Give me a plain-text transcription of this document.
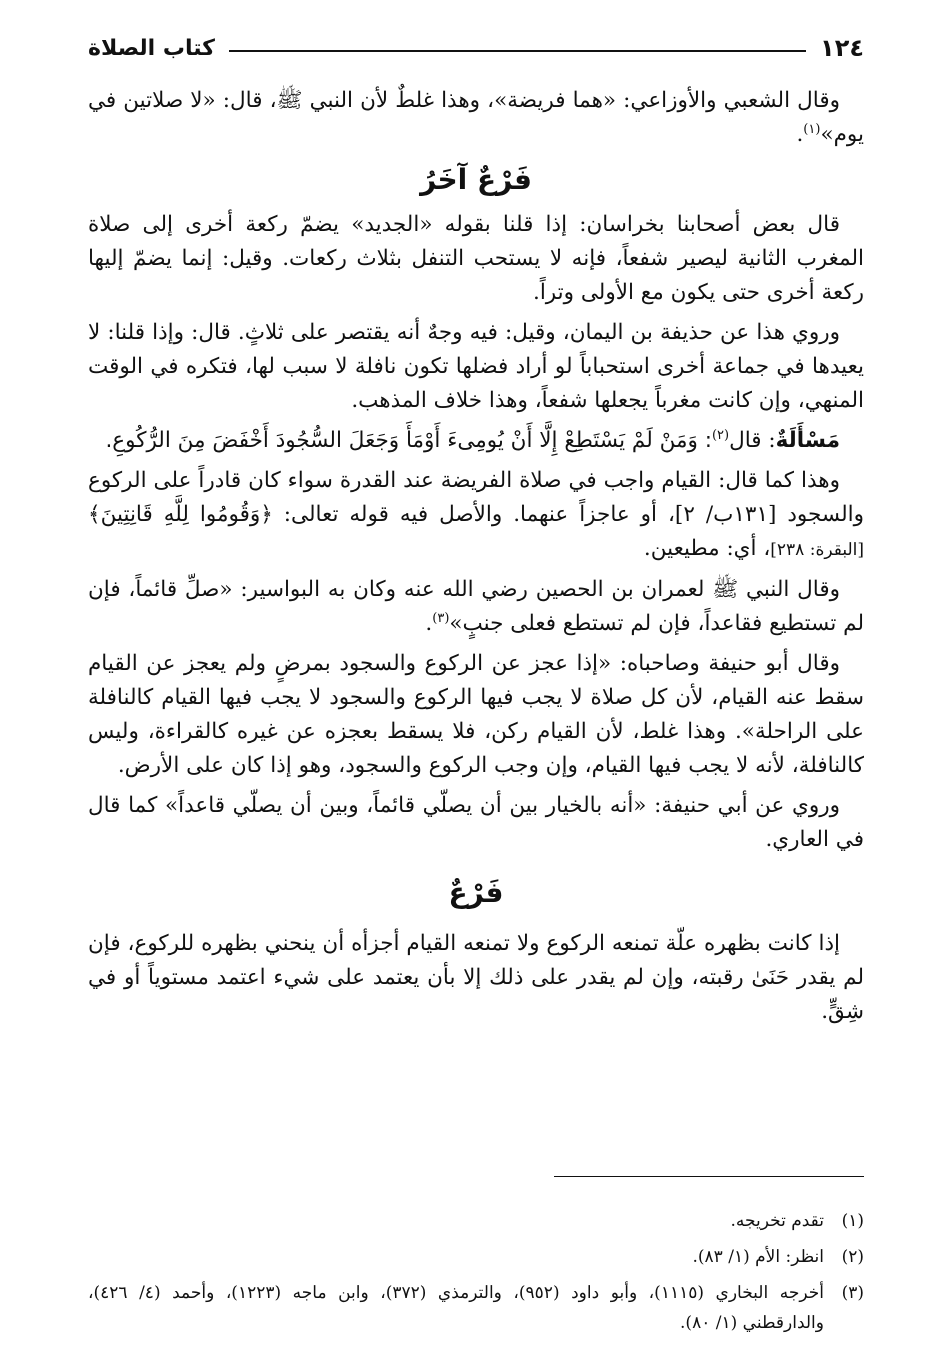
١٢٤
كتاب الصلاة

وقال الشعبي والأوزاعي: «هما فريضة»، وهذا غلطٌ لأن النبي ﷺ، قال: «لا صلاتين في يوم»$^{(١)}$.

فَرْعٌ آخَرُ

قال بعض أصحابنا بخراسان: إذا قلنا بقوله «الجديد» يضمّ ركعة أخرى إلى صلاة المغرب الثانية ليصير شفعاً، فإنه لا يستحب التنفل بثلاث ركعات. وقيل: إنما يضمّ إليها ركعة أخرى حتى يكون مع الأولى وتراً.

وروي هذا عن حذيفة بن اليمان، وقيل: فيه وجهٌ أنه يقتصر على ثلاثٍ. قال: وإذا قلنا: لا يعيدها في جماعة أخرى استحباباً لو أراد فضلها تكون نافلة لا سبب لها، فتكره في الوقت المنهي، وإن كانت مغرباً يجعلها شفعاً، وهذا خلاف المذهب.

مَسْأَلَةٌ: قال$^{(٢)}$: وَمَنْ لَمْ يَسْتَطِعْ إِلَّا أَنْ يُومِىءَ أَوْمَأَ وَجَعَلَ السُّجُودَ أَخْفَضَ مِنَ الرُّكُوعِ.

وهذا كما قال: القيام واجب في صلاة الفريضة عند القدرة سواء كان قادراً على الركوع والسجود [١٣١ب/ ٢]، أو عاجزاً عنهما. والأصل فيه قوله تعالى: ﴿وَقُومُوا لِلَّهِ قَانِتِينَ﴾ [البقرة: ٢٣٨]، أي: مطيعين.

وقال النبي ﷺ لعمران بن الحصين رضي الله عنه وكان به البواسير: «صلِّ قائماً، فإن لم تستطيع فقاعداً، فإن لم تستطع فعلى جنبٍ»$^{(٣)}$.

وقال أبو حنيفة وصاحباه: «إذا عجز عن الركوع والسجود بمرضٍ ولم يعجز عن القيام سقط عنه القيام، لأن كل صلاة لا يجب فيها الركوع والسجود لا يجب فيها القيام كالنافلة على الراحلة». وهذا غلط، لأن القيام ركن، فلا يسقط بعجزه عن غيره كالقراءة، وليس كالنافلة، لأنه لا يجب فيها القيام، وإن وجب الركوع والسجود، وهو إذا كان على الأرض.

وروي عن أبي حنيفة: «أنه بالخيار بين أن يصلّي قائماً، وبين أن يصلّي قاعداً» كما قال في العاري.

فَرْعٌ

إذا كانت بظهره علّة تمنعه الركوع ولا تمنعه القيام أجزأه أن ينحني بظهره للركوع، فإن لم يقدر حَنَىٰ رقبته، وإن لم يقدر على ذلك إلا بأن يعتمد على شيء اعتمد مستوياً أو في شِقٍّ.

(١)
تقدم تخريجه.
(٢)
انظر: الأم (١/ ٨٣).
(٣)
أخرجه البخاري (١١١٥)، وأبو داود (٩٥٢)، والترمذي (٣٧٢)، وابن ماجه (١٢٢٣)، وأحمد (٤/ ٤٢٦)، والدارقطني (١/ ٨٠).
